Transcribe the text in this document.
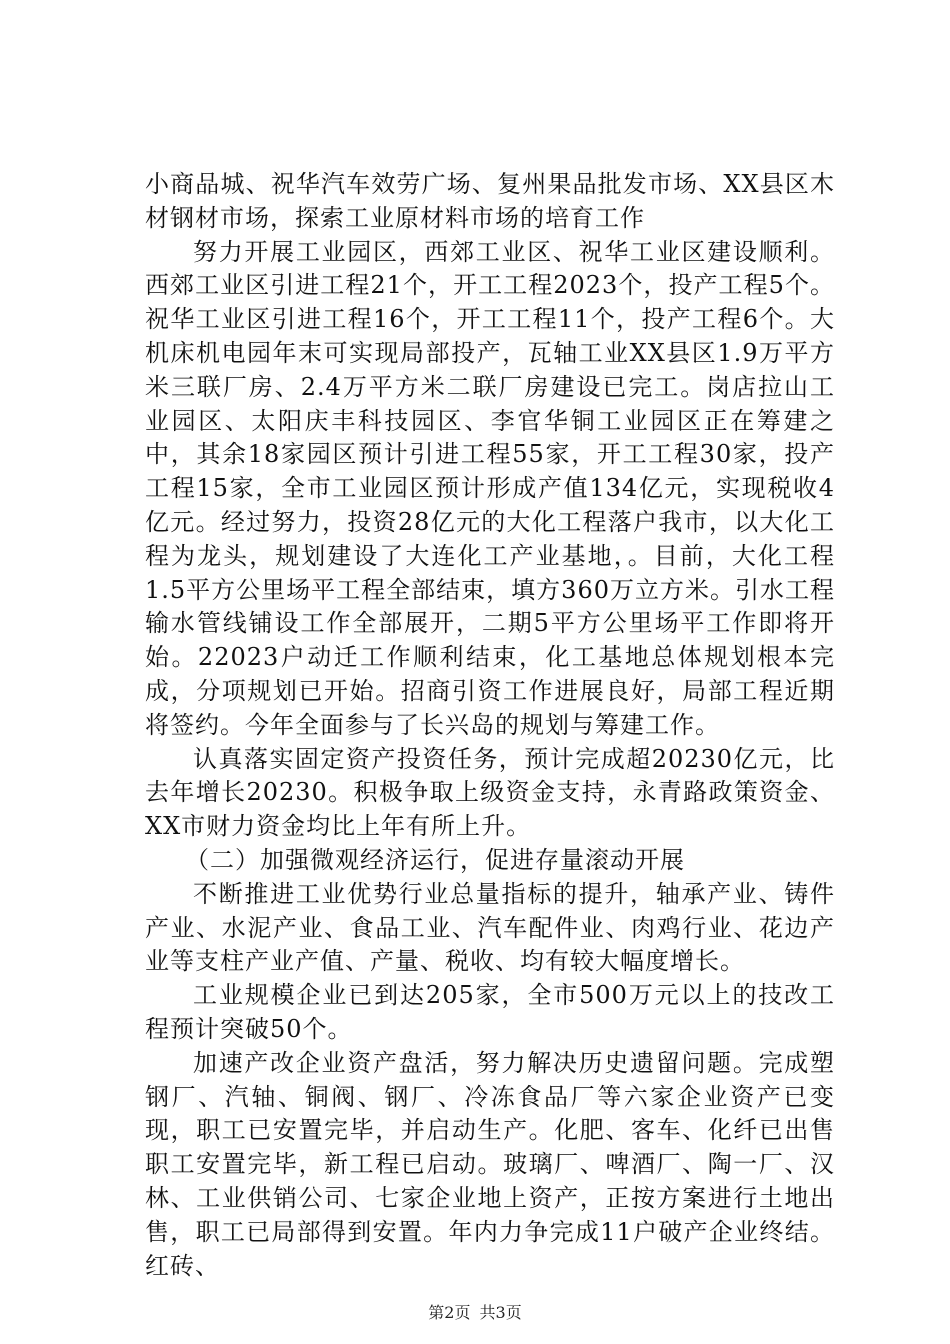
小商品城、祝华汽车效劳广场、复州果品批发市场、XX县区木材钢材市场，探索工业原材料市场的培育工作

努力开展工业园区，西郊工业区、祝华工业区建设顺利。西郊工业区引进工程21个，开工工程2023个，投产工程5个。祝华工业区引进工程16个，开工工程11个，投产工程6个。大机床机电园年末可实现局部投产，瓦轴工业XX县区1.9万平方米三联厂房、2.4万平方米二联厂房建设已完工。岗店拉山工业园区、太阳庆丰科技园区、李官华铜工业园区正在筹建之中，其余18家园区预计引进工程55家，开工工程30家，投产工程15家，全市工业园区预计形成产值134亿元，实现税收4亿元。经过努力，投资28亿元的大化工程落户我市，以大化工程为龙头，规划建设了大连化工产业基地，。目前，大化工程1.5平方公里场平工程全部结束，填方360万立方米。引水工程输水管线铺设工作全部展开，二期5平方公里场平工作即将开始。22023户动迁工作顺利结束，化工基地总体规划根本完成，分项规划已开始。招商引资工作进展良好，局部工程近期将签约。今年全面参与了长兴岛的规划与筹建工作。

认真落实固定资产投资任务，预计完成超20230亿元，比去年增长20230。积极争取上级资金支持，永青路政策资金、XX市财力资金均比上年有所上升。

（二）加强微观经济运行，促进存量滚动开展

不断推进工业优势行业总量指标的提升，轴承产业、铸件产业、水泥产业、食品工业、汽车配件业、肉鸡行业、花边产业等支柱产业产值、产量、税收、均有较大幅度增长。

工业规模企业已到达205家，全市500万元以上的技改工程预计突破50个。

加速产改企业资产盘活，努力解决历史遗留问题。完成塑钢厂、汽轴、铜阀、钢厂、冷冻食品厂等六家企业资产已变现，职工已安置完毕，并启动生产。化肥、客车、化纤已出售职工安置完毕，新工程已启动。玻璃厂、啤酒厂、陶一厂、汉林、工业供销公司、七家企业地上资产，正按方案进行土地出售，职工已局部得到安置。年内力争完成11户破产企业终结。红砖、

第2页 共3页
